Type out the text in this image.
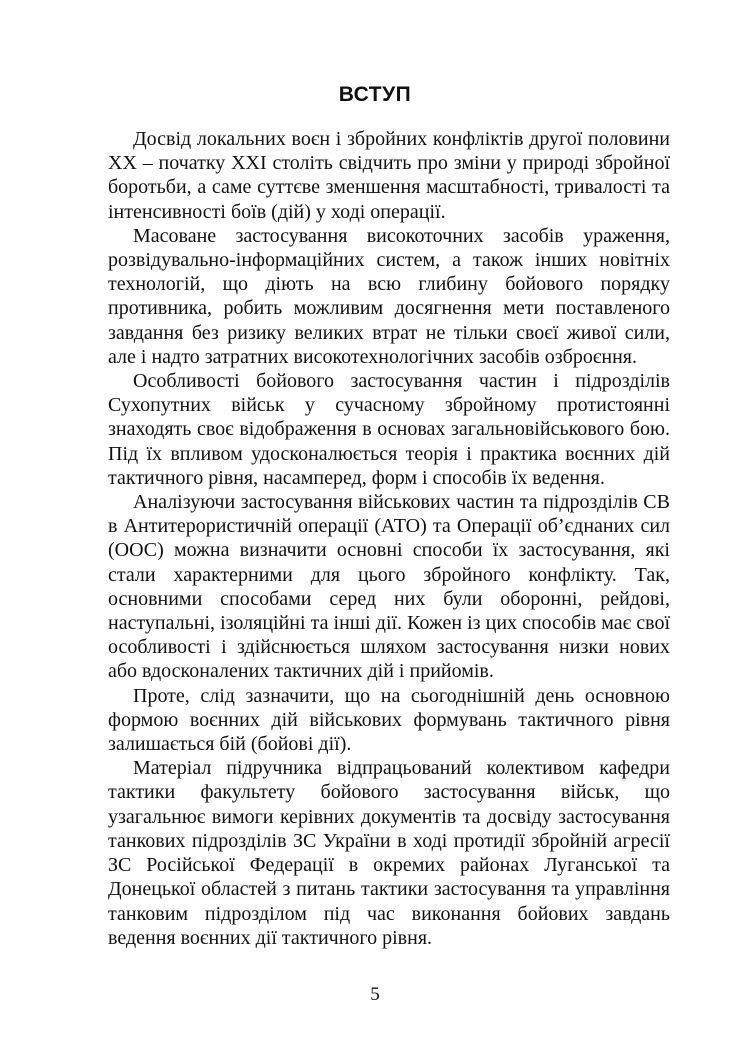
ВСТУП

Досвід локальних воєн і збройних конфліктів другої половини XX – початку XXI століть свідчить про зміни у природі збройної боротьби, а саме суттєве зменшення масштабності, тривалості та інтенсивності боїв (дій) у ході операції.

Масоване застосування високоточних засобів ураження, розвідувально-інформаційних систем, а також інших новітніх технологій, що діють на всю глибину бойового порядку противника, робить можливим досягнення мети поставленого завдання без ризику великих втрат не тільки своєї живої сили, але і надто затратних високотехнологічних засобів озброєння.

Особливості бойового застосування частин і підрозділів Сухопутних військ у сучасному збройному протистоянні знаходять своє відображення в основах загальновійськового бою. Під їх впливом удосконалюється теорія і практика воєнних дій тактичного рівня, насамперед, форм і способів їх ведення.

Аналізуючи застосування військових частин та підрозділів СВ в Антитерористичній операції (АТО) та Операції об’єднаних сил (ООС) можна визначити основні способи їх застосування, які стали характерними для цього збройного конфлікту. Так, основними способами серед них були оборонні, рейдові, наступальні, ізоляційні та інші дії. Кожен із цих способів має свої особливості і здійснюється шляхом застосування низки нових або вдосконалених тактичних дій і прийомів.

Проте, слід зазначити, що на сьогоднішній день основною формою воєнних дій військових формувань тактичного рівня залишається бій (бойові дії).

Матеріал підручника відпрацьований колективом кафедри тактики факультету бойового застосування військ, що узагальнює вимоги керівних документів та досвіду застосування танкових підрозділів ЗС України в ході протидії збройній агресії ЗС Російської Федерації в окремих районах Луганської та Донецької областей з питань тактики застосування та управління танковим підрозділом під час виконання бойових завдань ведення воєнних дії тактичного рівня.

5
